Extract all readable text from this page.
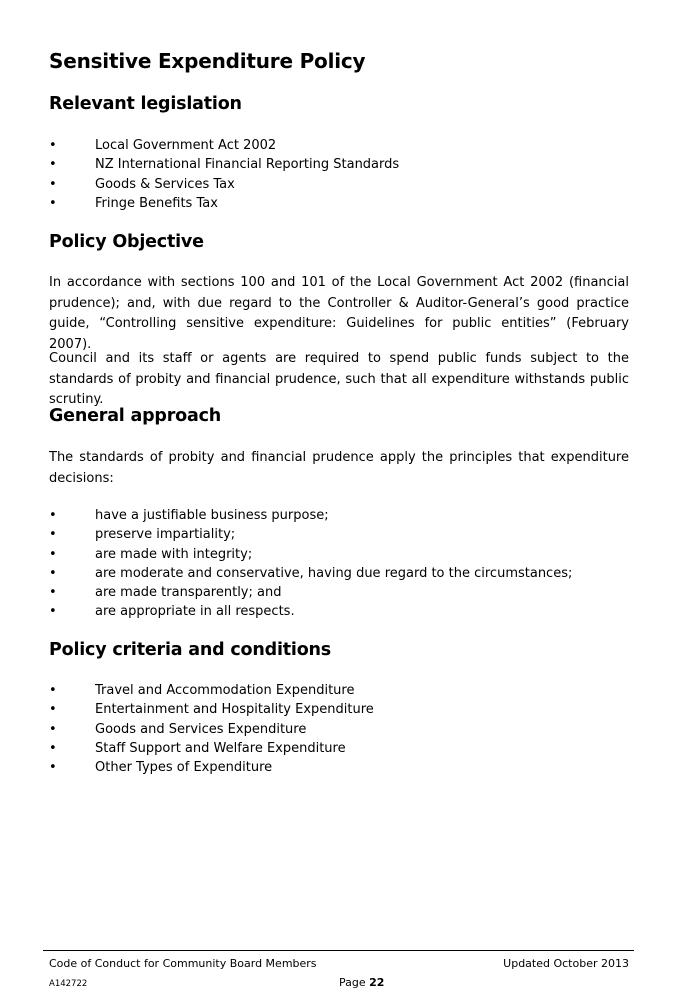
Sensitive Expenditure Policy
Relevant legislation
• Local Government Act 2002
• NZ International Financial Reporting Standards
• Goods & Services Tax
• Fringe Benefits Tax
Policy Objective

In accordance with sections 100 and 101 of the Local Government Act 2002 (financial prudence); and, with due regard to the Controller & Auditor-General’s good practice guide, “Controlling sensitive expenditure: Guidelines for public entities” (February 2007).

Council and its staff or agents are required to spend public funds subject to the standards of probity and financial prudence, such that all expenditure withstands public scrutiny.

General approach

The standards of probity and financial prudence apply the principles that expenditure decisions:

• have a justifiable business purpose;
• preserve impartiality;
• are made with integrity;
• are moderate and conservative, having due regard to the circumstances;
• are made transparently; and
• are appropriate in all respects.
Policy criteria and conditions
• Travel and Accommodation Expenditure
• Entertainment and Hospitality Expenditure
• Goods and Services Expenditure
• Staff Support and Welfare Expenditure
• Other Types of Expenditure
Code of Conduct for Community Board Members	Updated October 2013
A142722	Page 22
